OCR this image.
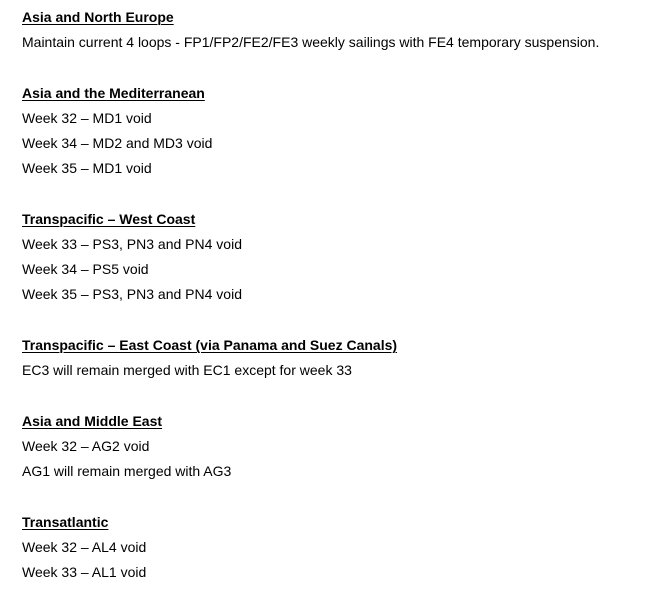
Asia and North Europe
Maintain current 4 loops - FP1/FP2/FE2/FE3 weekly sailings with FE4 temporary suspension.
Asia and the Mediterranean
Week 32 – MD1 void
Week 34 – MD2 and MD3 void
Week 35 – MD1 void
Transpacific – West Coast
Week 33 – PS3, PN3 and PN4 void
Week 34 – PS5 void
Week 35 – PS3, PN3 and PN4 void
Transpacific – East Coast (via Panama and Suez Canals)
EC3 will remain merged with EC1 except for week 33
Asia and Middle East
Week 32 – AG2 void
AG1 will remain merged with AG3
Transatlantic
Week 32 – AL4 void
Week 33 – AL1 void
